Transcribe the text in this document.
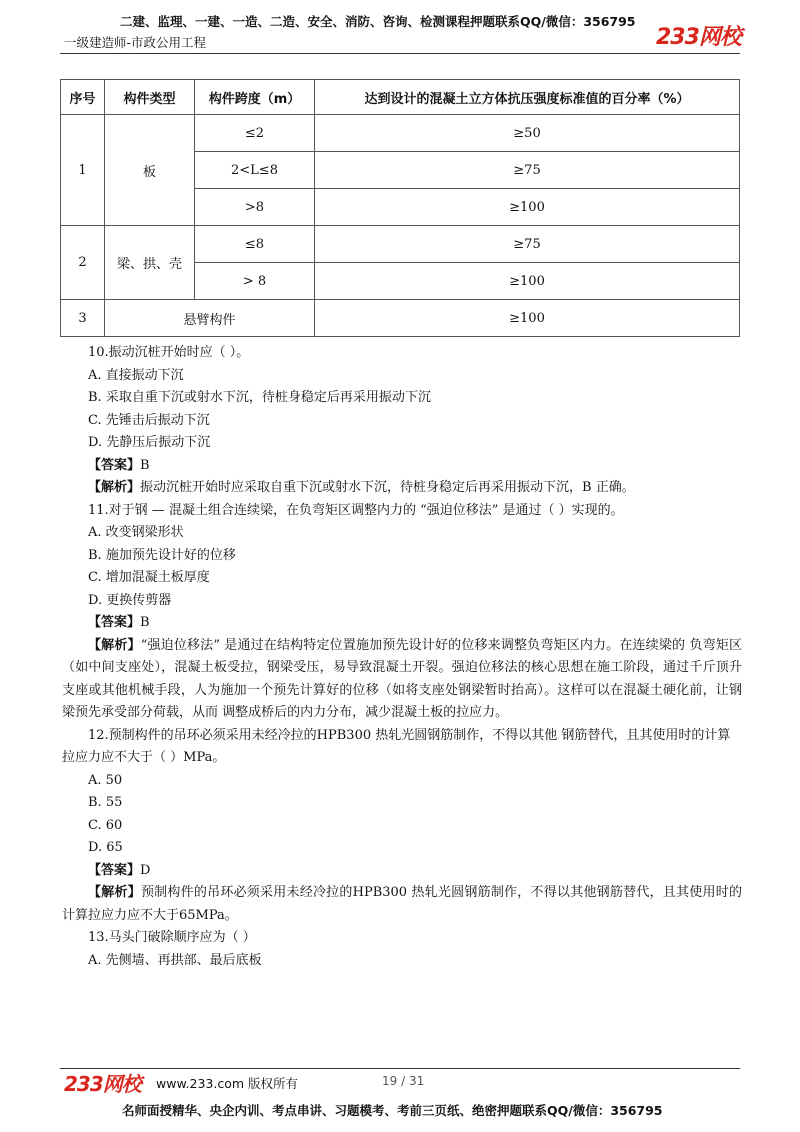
二建、监理、一建、一造、二造、安全、消防、咨询、检测课程押题联系QQ/微信：356795
一级建造师-市政公用工程	233网校
序号	构件类型	构件跨度（m）	达到设计的混凝土立方体抗压强度标准值的百分率（%）
1	板	≤2	≥50
		2<L≤8	≥75
		>8	≥100
2	梁、拱、壳	≤8	≥75
		> 8	≥100
3	悬臂构件		≥100

10.振动沉桩开始时应（ ）。

A. 直接振动下沉

B. 采取自重下沉或射水下沉，待桩身稳定后再采用振动下沉

C. 先锤击后振动下沉

D. 先静压后振动下沉

【答案】B

【解析】振动沉桩开始时应采取自重下沉或射水下沉，待桩身稳定后再采用振动下沉，B 正确。

11.对于钢 — 混凝土组合连续梁，在负弯矩区调整内力的 “强迫位移法” 是通过（ ）实现的。

A. 改变钢梁形状

B. 施加预先设计好的位移

C. 增加混凝土板厚度

D. 更换传剪器

【答案】B

【解析】“强迫位移法” 是通过在结构特定位置施加预先设计好的位移来调整负弯矩区内力。在连续梁的 负弯矩区（如中间支座处），混凝土板受拉，钢梁受压，易导致混凝土开裂。强迫位移法的核心思想在施工阶段，通过千斤顶升支座或其他机械手段，人为施加一个预先计算好的位移（如将支座处钢梁暂时抬高）。这样可以在混凝土硬化前，让钢梁预先承受部分荷载，从而 调整成桥后的内力分布，减少混凝土板的拉应力。

12.预制构件的吊环必须采用未经冷拉的HPB300 热轧光圆钢筋制作，不得以其他 钢筋替代，且其使用时的计算拉应力应不大于（ ）MPa。

A. 50

B. 55

C. 60

D. 65

【答案】D

【解析】预制构件的吊环必须采用未经冷拉的HPB300 热轧光圆钢筋制作，不得以其他钢筋替代，且其使用时的计算拉应力应不大于65MPa。

13.马头门破除顺序应为（ ）

A. 先侧墙、再拱部、最后底板

233网校 www.233.com 版权所有	19 / 31
名师面授精华、央企内训、考点串讲、习题模考、考前三页纸、绝密押题联系QQ/微信：356795
